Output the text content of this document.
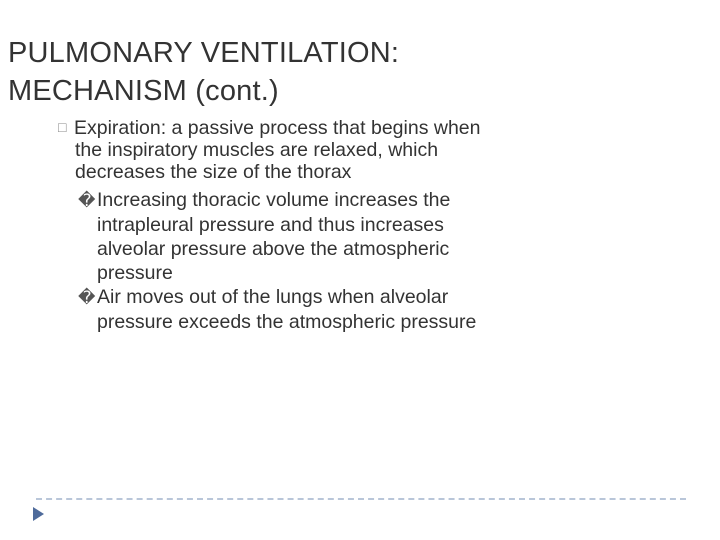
PULMONARY VENTILATION:
MECHANISM (cont.)
□ Expiration: a passive process that begins when
the inspiratory muscles are relaxed, which
decreases the size of the thorax
�Increasing thoracic volume increases the
intrapleural pressure and thus increases
alveolar pressure above the atmospheric
pressure
�Air moves out of the lungs when alveolar
pressure exceeds the atmospheric pressure
